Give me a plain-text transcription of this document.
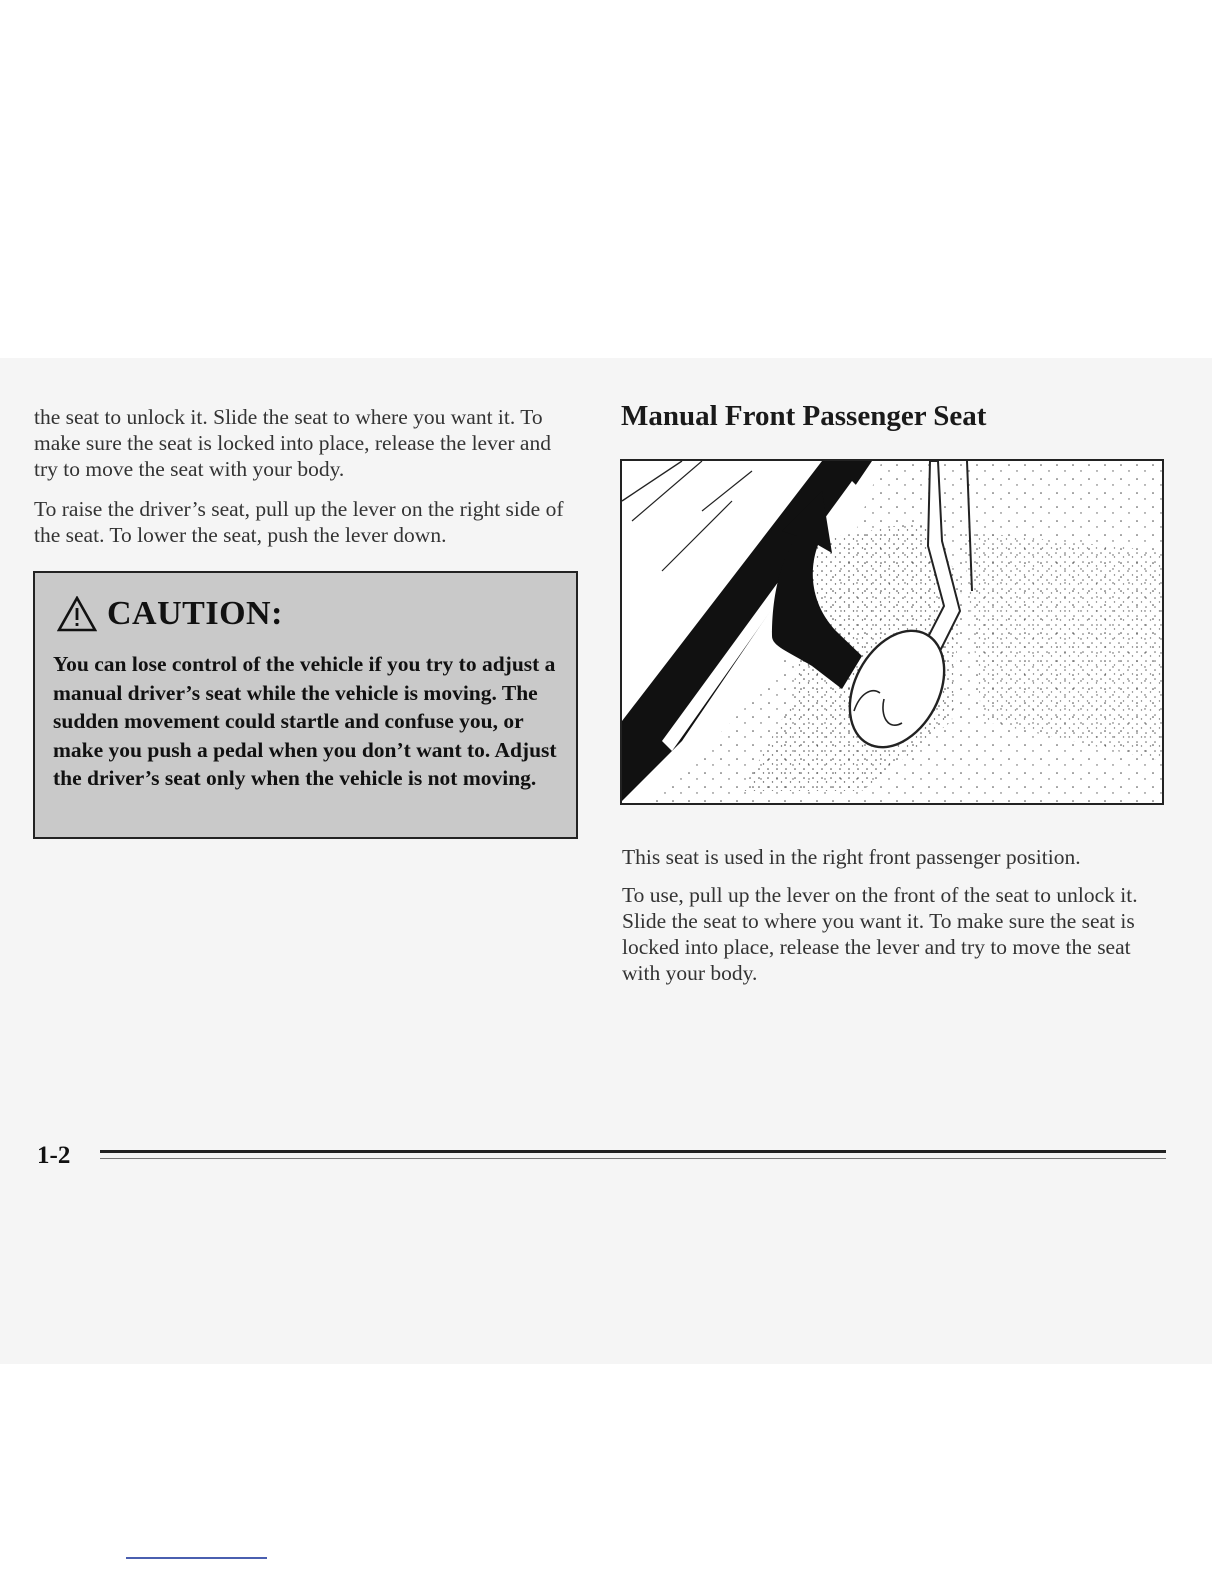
the seat to unlock it. Slide the seat to where you want it. To make sure the seat is locked into place, release the lever and try to move the seat with your body.

To raise the driver’s seat, pull up the lever on the right side of the seat. To lower the seat, push the lever down.

CAUTION:

You can lose control of the vehicle if you try to adjust a manual driver’s seat while the vehicle is moving. The sudden movement could startle and confuse you, or make you push a pedal when you don’t want to. Adjust the driver’s seat only when the vehicle is not moving.

Manual Front Passenger Seat

This seat is used in the right front passenger position.

To use, pull up the lever on the front of the seat to unlock it. Slide the seat to where you want it. To make sure the seat is locked into place, release the lever and try to move the seat with your body.

1-2
